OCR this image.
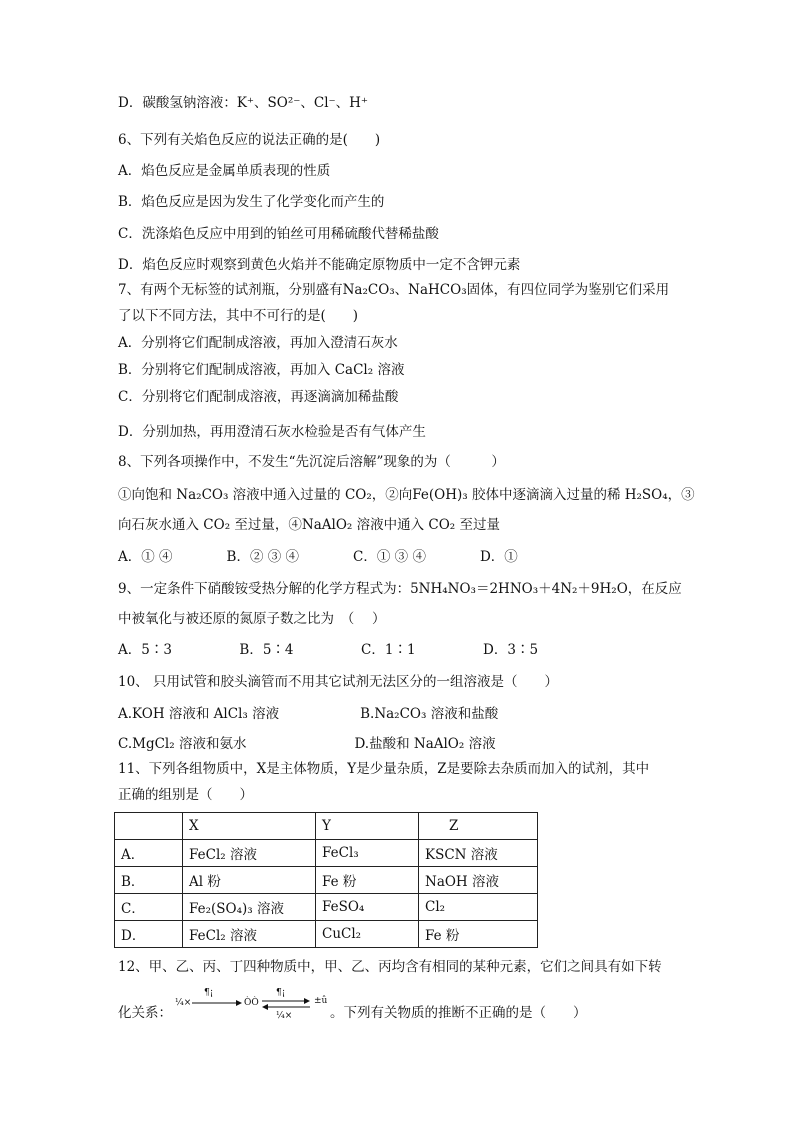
D．碳酸氢钠溶液：K⁺、SO²⁻、Cl⁻、H⁺
6、下列有关焰色反应的说法正确的是(　　)
A．焰色反应是金属单质表现的性质
B．焰色反应是因为发生了化学变化而产生的
C．洗涤焰色反应中用到的铂丝可用稀硫酸代替稀盐酸
D．焰色反应时观察到黄色火焰并不能确定原物质中一定不含钾元素
7、有两个无标签的试剂瓶，分别盛有Na₂CO₃、NaHCO₃固体，有四位同学为鉴别它们采用
了以下不同方法，其中不可行的是(　　)
A．分别将它们配制成溶液，再加入澄清石灰水
B．分别将它们配制成溶液，再加入 CaCl₂ 溶液
C．分别将它们配制成溶液，再逐滴滴加稀盐酸
D．分别加热，再用澄清石灰水检验是否有气体产生
8、下列各项操作中，不发生“先沉淀后溶解”现象的为（　　　）
①向饱和 Na₂CO₃ 溶液中通入过量的 CO₂，②向Fe(OH)₃ 胶体中逐滴滴入过量的稀 H₂SO₄，③
向石灰水通入 CO₂ 至过量，④NaAlO₂ 溶液中通入 CO₂ 至过量
A．① ④　　　　B．② ③ ④　　　　C．① ③ ④　　　　D．①
9、一定条件下硝酸铵受热分解的化学方程式为：5NH₄NO₃＝2HNO₃＋4N₂＋9H₂O，在反应
中被氧化与被还原的氮原子数之比为　（　 ）
A．5∶3　　　　　B．5∶4　　　　　C．1∶1　　　　　D．3∶5
10、 只用试管和胶头滴管而不用其它试剂无法区分的一组溶液是（　　）
A.KOH 溶液和 AlCl₃ 溶液　　　　　　B.Na₂CO₃ 溶液和盐酸
C.MgCl₂ 溶液和氨水　　　　　　　　D.盐酸和 NaAlO₂ 溶液
11、下列各组物质中，X是主体物质，Y是少量杂质，Z是要除去杂质而加入的试剂，其中
正确的组别是（　　）
	X	Y	Z
A．	FeCl₂ 溶液	FeCl₃	KSCN 溶液
B．	Al 粉	Fe 粉	NaOH 溶液
C．	Fe₂(SO₄)₃ 溶液	FeSO₄	Cl₂
D．	FeCl₂ 溶液	CuCl₂	Fe 粉
12、甲、乙、丙、丁四种物质中，甲、乙、丙均含有相同的某种元素，它们之间具有如下转
化关系：
¼×
¶¡
ÒÒ
¶¡
±û
¼×	。下列有关物质的推断不正确的是（　　）
